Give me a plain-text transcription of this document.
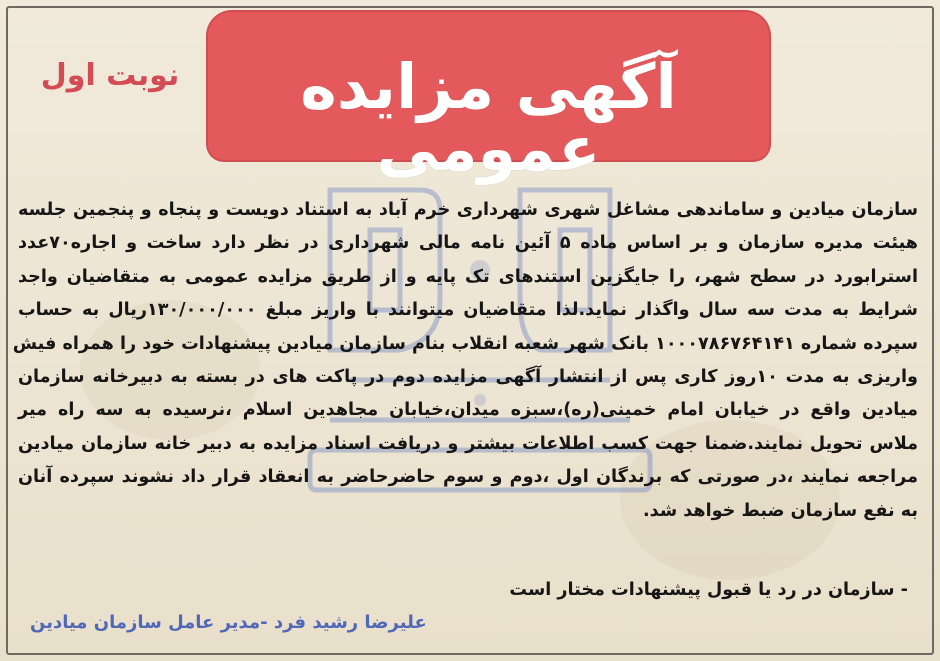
آگهی مزایده عمومی
نوبت اول
سازمان میادین و ساماندهی مشاغل شهری شهرداری خرم آباد به استناد دویست و پنجاه و پنجمین جلسه
هیئت مدیره سازمان و بر اساس ماده ۵ آئین نامه مالی شهرداری در نظر دارد ساخت و اجاره۷۰عدد
استرابورد در سطح شهر، را جایگزین استندهای تک پایه و از طریق مزایده عمومی به متقاضیان واجد
شرایط به مدت سه سال واگذار نماید.لذا متقاضیان میتوانند با واریز مبلغ ۱۳۰/۰۰۰/۰۰۰ریال به حساب
سپرده شماره ۱۰۰۰۷۸۶۷۶۴۱۴۱ بانک شهر شعبه انقلاب بنام سازمان میادین پیشنهادات خود را همراه فیش
واریزی به مدت ۱۰روز کاری پس از انتشار آگهی مزایده دوم در پاکت های در بسته به دبیرخانه سازمان
میادین واقع در خیابان امام خمینی(ره)،سبزه میدان،خیابان مجاهدین اسلام ،نرسیده به سه راه میر
ملاس تحویل نمایند.ضمنا جهت کسب اطلاعات بیشتر و دریافت اسناد مزایده به دبیر خانه سازمان میادین
مراجعه نمایند ،در صورتی که برندگان اول ،دوم و سوم حاضرحاضر به انعقاد قرار داد نشوند سپرده آنان
به نفع سازمان ضبط خواهد شد.
- سازمان در رد یا قبول پیشنهادات مختار است
علیرضا رشید فرد -مدیر عامل سازمان میادین
